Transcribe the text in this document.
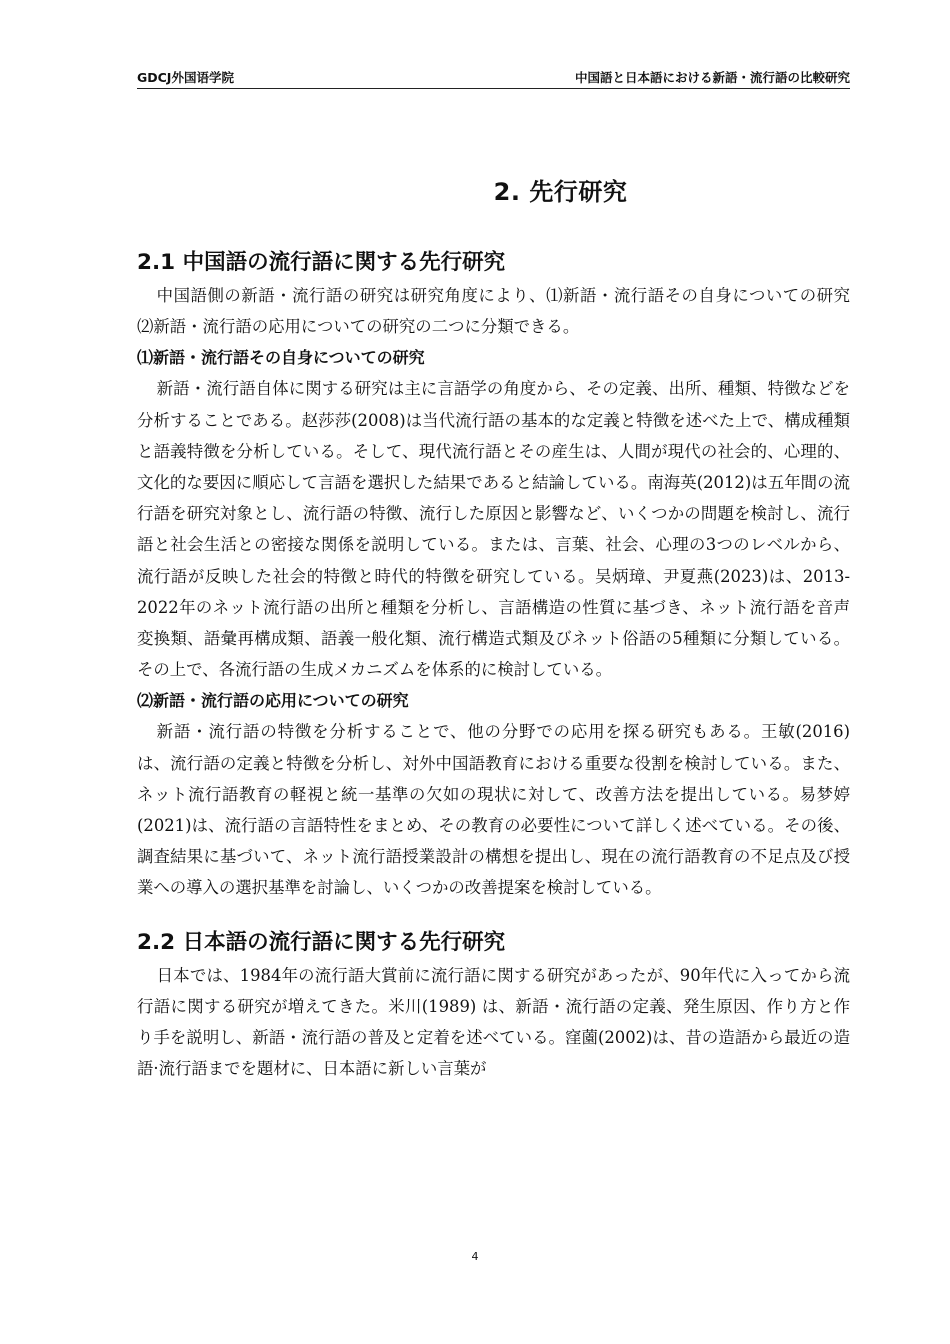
GDCJ外国语学院	中国語と日本語における新語・流行語の比較研究
2. 先行研究
2.1 中国語の流行語に関する先行研究

中国語側の新語・流行語の研究は研究角度により、⑴新語・流行語その自身についての研究　⑵新語・流行語の応用についての研究の二つに分類できる。

⑴新語・流行語その自身についての研究

新語・流行語自体に関する研究は主に言語学の角度から、その定義、出所、種類、特徴などを分析することである。赵莎莎(2008)は当代流行語の基本的な定義と特徴を述べた上で、構成種類と語義特徴を分析している。そして、現代流行語とその産生は、人間が現代の社会的、心理的、文化的な要因に順応して言語を選択した結果であると結論している。南海英(2012)は五年間の流行語を研究対象とし、流行語の特徴、流行した原因と影響など、いくつかの問題を検討し、流行語と社会生活との密接な関係を説明している。または、言葉、社会、心理の3つのレベルから、流行語が反映した社会的特徴と時代的特徴を研究している。吴炳璋、尹夏燕(2023)は、2013-2022年のネット流行語の出所と種類を分析し、言語構造の性質に基づき、ネット流行語を音声変換類、語彙再構成類、語義一般化類、流行構造式類及びネット俗語の5種類に分類している。その上で、各流行語の生成メカニズムを体系的に検討している。

⑵新語・流行語の応用についての研究

新語・流行語の特徴を分析することで、他の分野での応用を探る研究もある。王敏(2016)は、流行語の定義と特徴を分析し、対外中国語教育における重要な役割を検討している。また、ネット流行語教育の軽視と統一基準の欠如の現状に対して、改善方法を提出している。易梦婷 (2021)は、流行語の言語特性をまとめ、その教育の必要性について詳しく述べている。その後、調査結果に基づいて、ネット流行語授業設計の構想を提出し、現在の流行語教育の不足点及び授業への導入の選択基準を討論し、いくつかの改善提案を検討している。

2.2 日本語の流行語に関する先行研究

日本では、1984年の流行語大賞前に流行語に関する研究があったが、90年代に入ってから流行語に関する研究が増えてきた。米川(1989) は、新語・流行語の定義、発生原因、作り方と作り手を説明し、新語・流行語の普及と定着を述べている。窪薗(2002)は、昔の造語から最近の造語·流行語までを題材に、日本語に新しい言葉が

4
